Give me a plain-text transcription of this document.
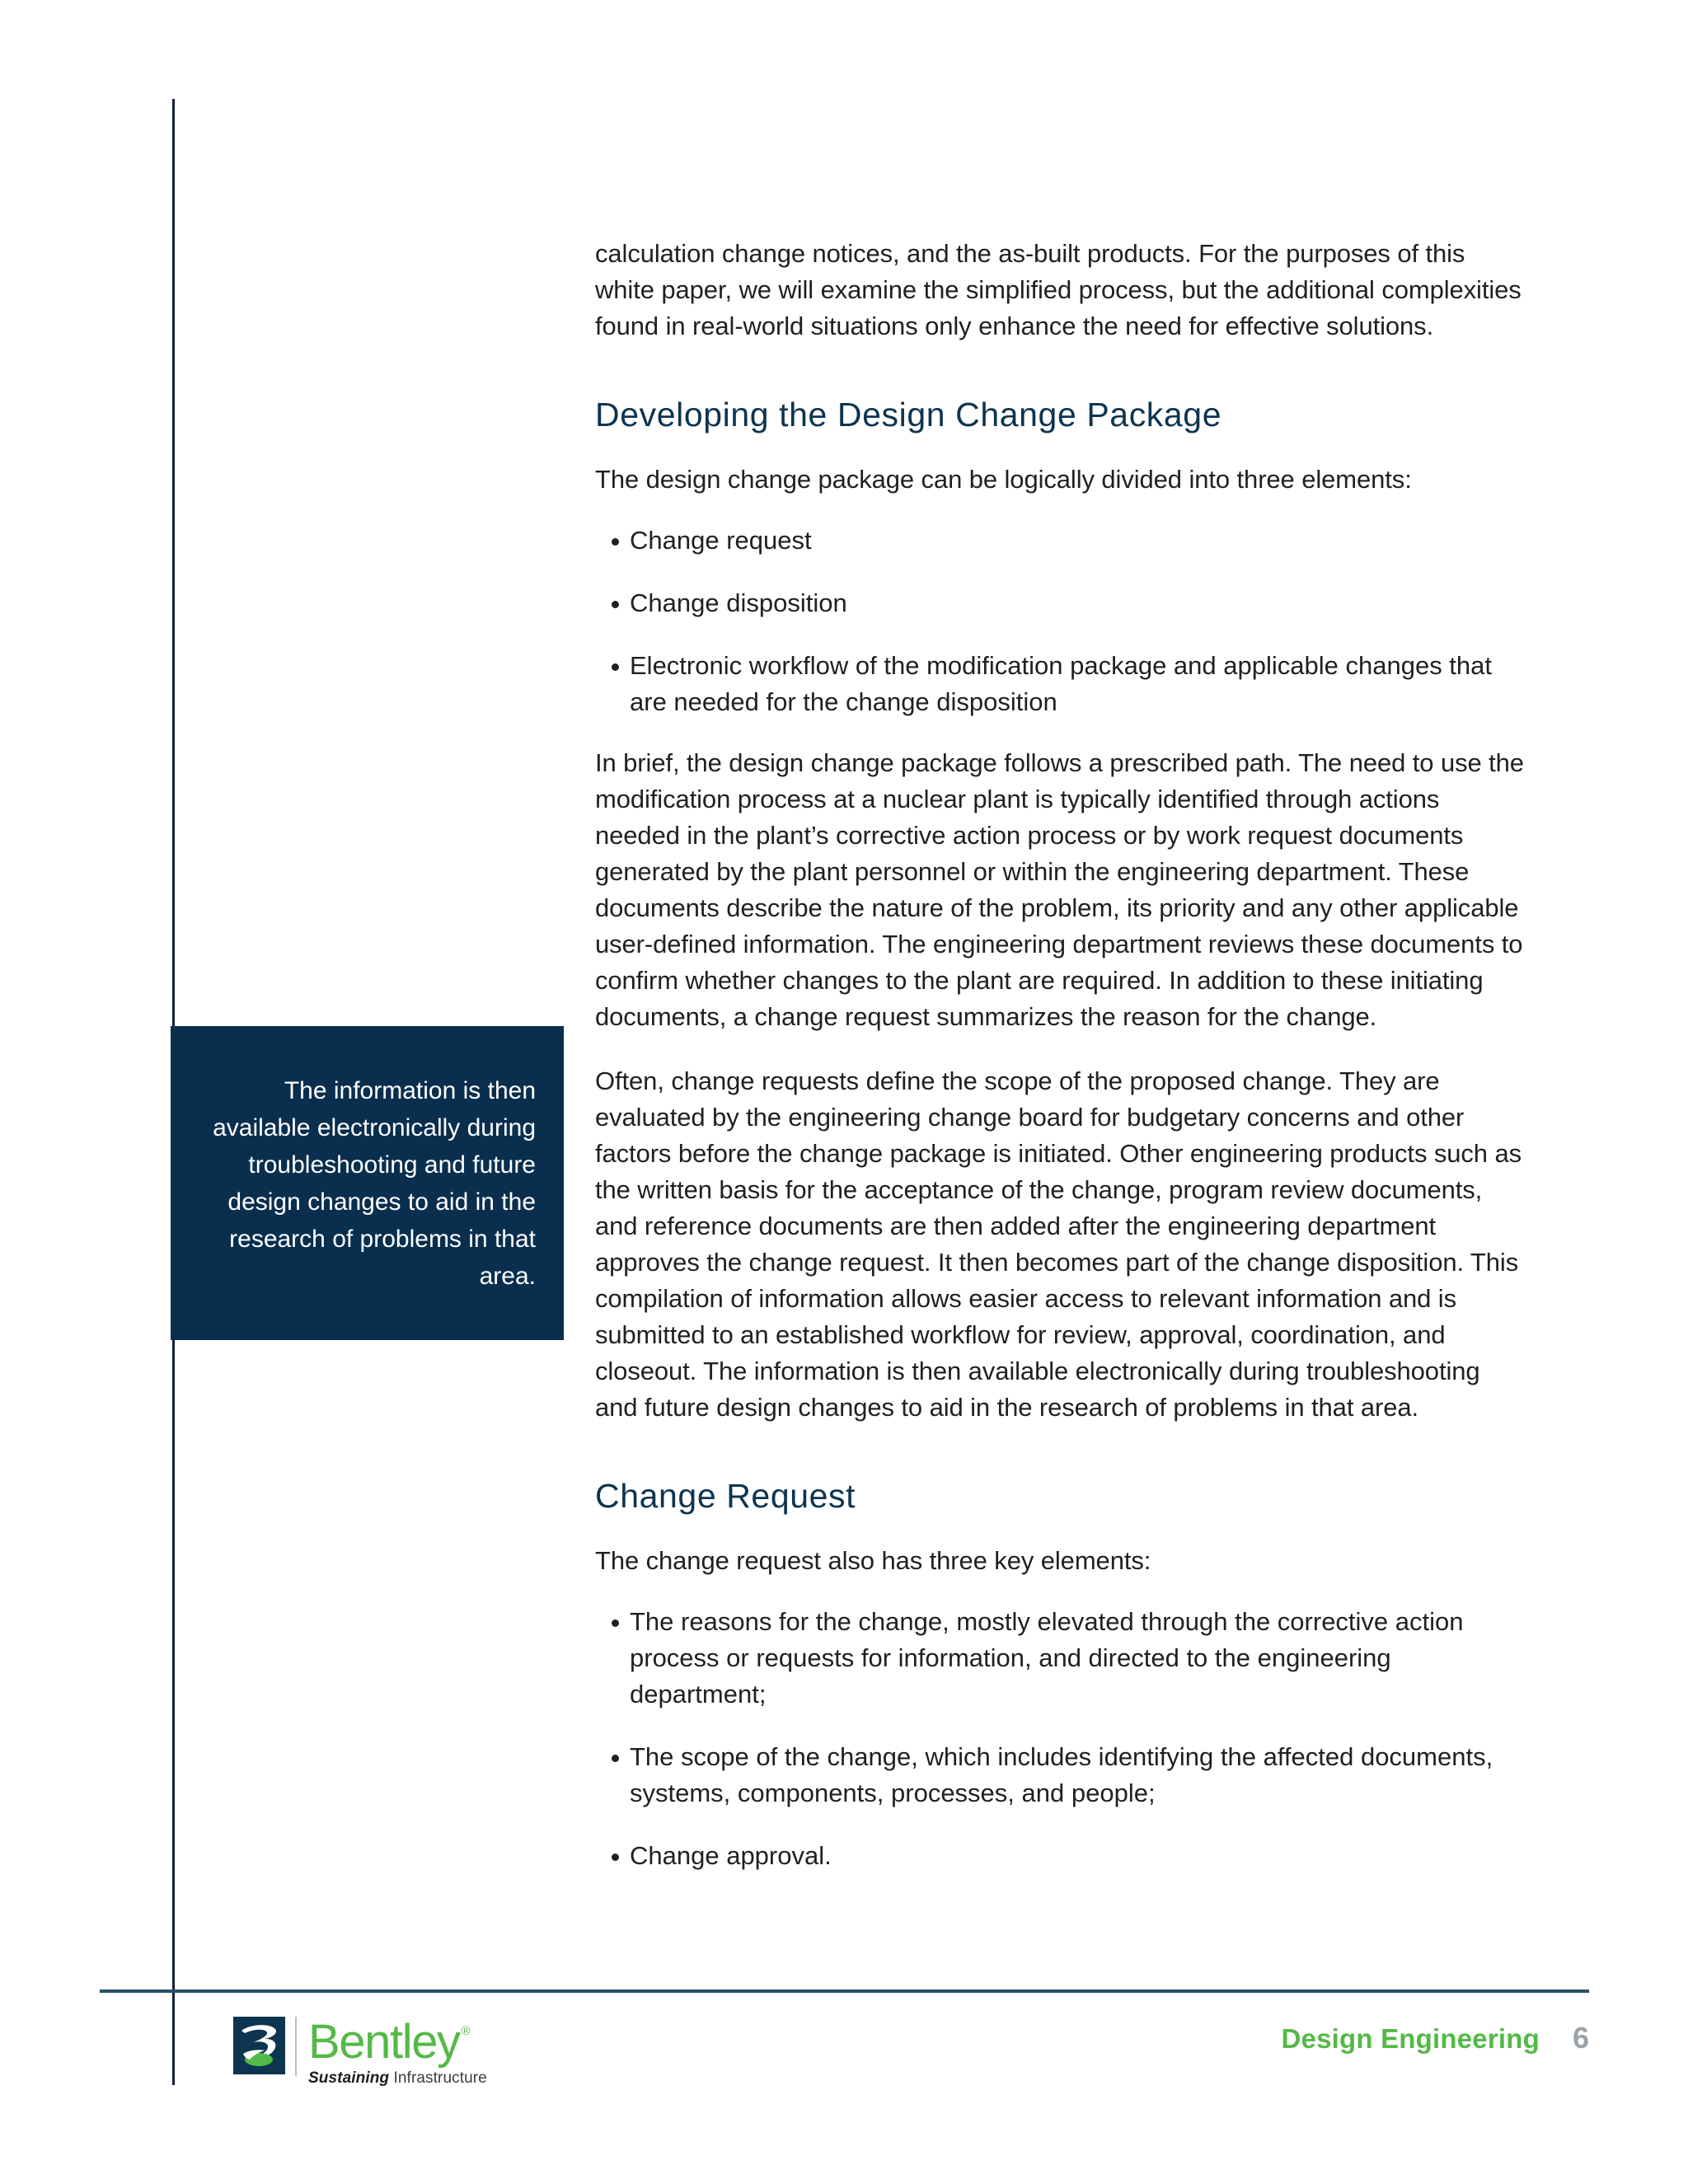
calculation change notices, and the as-built products. For the purposes of this white paper, we will examine the simplified process, but the additional complexities found in real-world situations only enhance the need for effective solutions.

Developing the Design Change Package

The design change package can be logically divided into three elements:

Change request
Change disposition
Electronic workflow of the modification package and applicable changes that are needed for the change disposition

In brief, the design change package follows a prescribed path. The need to use the modification process at a nuclear plant is typically identified through actions needed in the plant’s corrective action process or by work request documents generated by the plant personnel or within the engineering department. These documents describe the nature of the problem, its priority and any other applicable user-defined information. The engineering department reviews these documents to confirm whether changes to the plant are required. In addition to these initiating documents, a change request summarizes the reason for the change.

Often, change requests define the scope of the proposed change. They are evaluated by the engineering change board for budgetary concerns and other factors before the change package is initiated. Other engineering products such as the written basis for the acceptance of the change, program review documents, and reference documents are then added after the engineering department approves the change request. It then becomes part of the change disposition. This compilation of information allows easier access to relevant information and is submitted to an established workflow for review, approval, coordination, and closeout. The information is then available electronically during troubleshooting and future design changes to aid in the research of problems in that area.

Change Request

The change request also has three key elements:

The reasons for the change, mostly elevated through the corrective action process or requests for information, and directed to the engineering department;
The scope of the change, which includes identifying the affected documents, systems, components, processes, and people;
Change approval.
The information is then available electronically during troubleshooting and future design changes to aid in the research of problems in that area.
Bentley ®
Sustaining Infrastructure
Design Engineering 6
